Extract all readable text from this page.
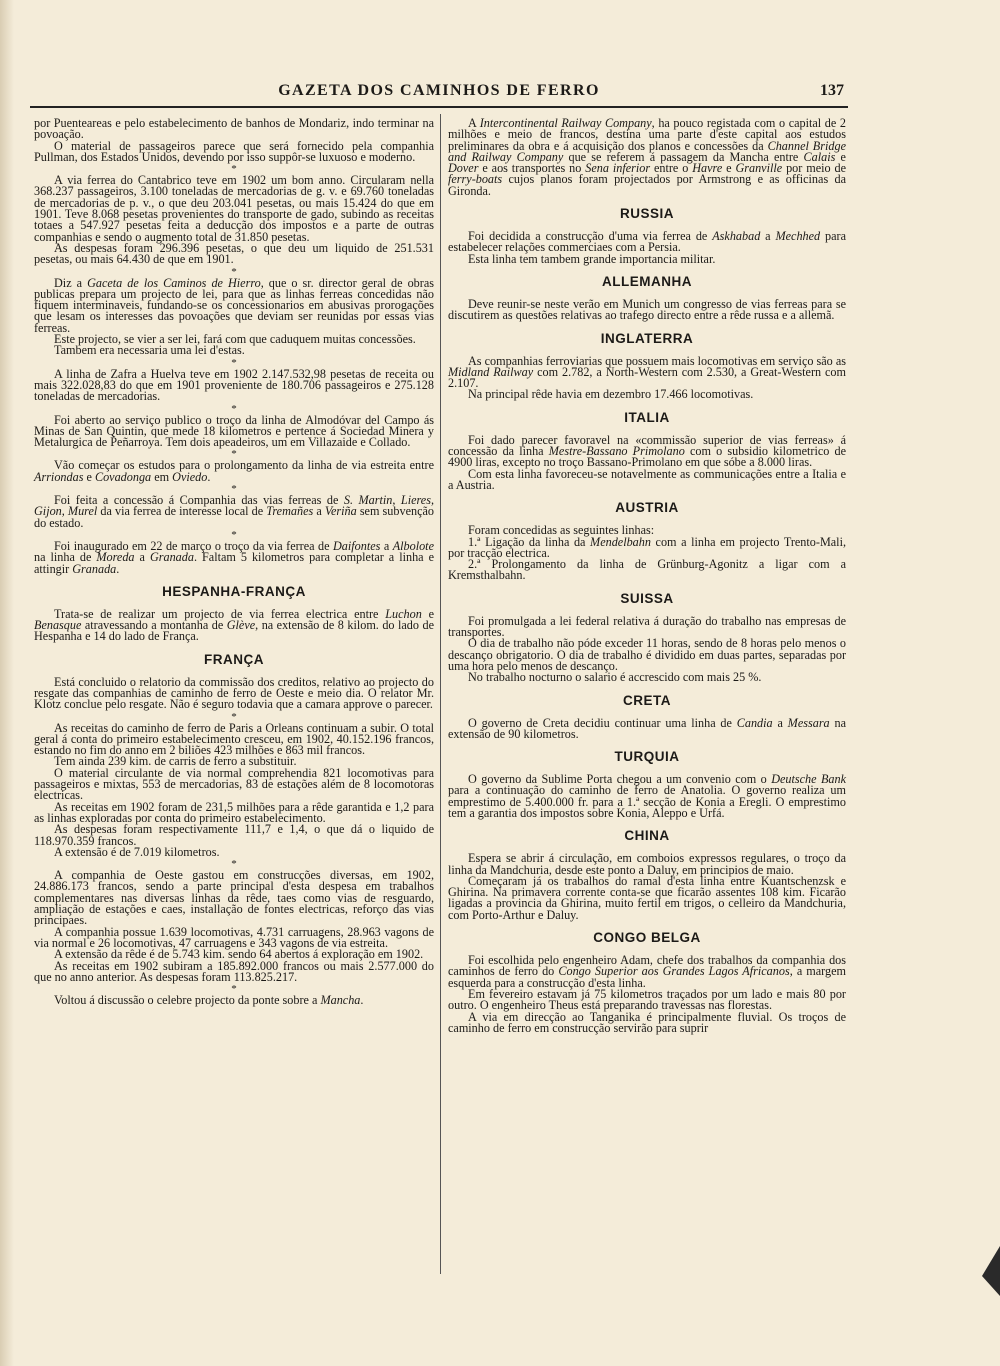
GAZETA DOS CAMINHOS DE FERRO	137

por Puenteareas e pelo estabelecimento de banhos de Mondariz, indo terminar na povoação.

O material de passageiros parece que será fornecido pela companhia Pullman, dos Estados Unidos, devendo por isso suppôr-se luxuoso e moderno.

*

A via ferrea do Cantabrico teve em 1902 um bom anno. Circularam nella 368.237 passageiros, 3.100 toneladas de mercadorias de g. v. e 69.760 toneladas de mercadorias de p. v., o que deu 203.041 pesetas, ou mais 15.424 do que em 1901. Teve 8.068 pesetas provenientes do transporte de gado, subindo as receitas totaes a 547.927 pesetas feita a deducção dos impostos e a parte de outras companhias e sendo o augmento total de 31.850 pesetas.

As despesas foram 296.396 pesetas, o que deu um liquido de 251.531 pesetas, ou mais 64.430 de que em 1901.

*

Diz a Gaceta de los Caminos de Hierro, que o sr. director geral de obras publicas prepara um projecto de lei, para que as linhas ferreas concedidas não fiquem interminaveis, fundando-se os concessionarios em abusivas prorogações que lesam os interesses das povoações que deviam ser reunidas por essas vias ferreas.

Este projecto, se vier a ser lei, fará com que caduquem muitas concessões.

Tambem era necessaria uma lei d'estas.

*

A linha de Zafra a Huelva teve em 1902 2.147.532,98 pesetas de receita ou mais 322.028,83 do que em 1901 proveniente de 180.706 passageiros e 275.128 toneladas de mercadorias.

*

Foi aberto ao serviço publico o troço da linha de Almodóvar del Campo ás Minas de San Quintin, que mede 18 kilometros e pertence á Sociedad Minera y Metalurgica de Peñarroya. Tem dois apeadeiros, um em Villazaide e Collado.

*

Vão começar os estudos para o prolongamento da linha de via estreita entre Arriondas e Covadonga em Oviedo.

*

Foi feita a concessão á Companhia das vias ferreas de S. Martin, Lieres, Gijon, Murel da via ferrea de interesse local de Tremañes a Veriña sem subvenção do estado.

*

Foi inaugurado em 22 de março o troço da via ferrea de Daifontes a Albolote na linha de Moreda a Granada. Faltam 5 kilometros para completar a linha e attingir Granada.

HESPANHA-FRANÇA

Trata-se de realizar um projecto de via ferrea electrica entre Luchon e Benasque atravessando a montanha de Glève, na extensão de 8 kilom. do lado de Hespanha e 14 do lado de França.

FRANÇA

Está concluido o relatorio da commissão dos creditos, relativo ao projecto do resgate das companhias de caminho de ferro de Oeste e meio dia. O relator Mr. Klotz conclue pelo resgate. Não é seguro todavia que a camara approve o parecer.

*

As receitas do caminho de ferro de Paris a Orleans continuam a subir. O total geral á conta do primeiro estabelecimento cresceu, em 1902, 40.152.196 francos, estando no fim do anno em 2 biliões 423 milhões e 863 mil francos.

Tem ainda 239 kim. de carris de ferro a substituir.

O material circulante de via normal comprehendia 821 locomotivas para passageiros e mixtas, 553 de mercadorias, 83 de estações além de 8 locomotoras electricas.

As receitas em 1902 foram de 231,5 milhões para a rêde garantida e 1,2 para as linhas exploradas por conta do primeiro estabelecimento.

As despesas foram respectivamente 111,7 e 1,4, o que dá o liquido de 118.970.359 francos.

A extensão é de 7.019 kilometros.

*

A companhia de Oeste gastou em construcções diversas, em 1902, 24.886.173 francos, sendo a parte principal d'esta despesa em trabalhos complementares nas diversas linhas da rêde, taes como vias de resguardo, ampliação de estações e caes, installação de fontes electricas, reforço das vias principaes.

A companhia possue 1.639 locomotivas, 4.731 carruagens, 28.963 vagons de via normal e 26 locomotivas, 47 carruagens e 343 vagons de via estreita.

A extensão da rêde é de 5.743 kim. sendo 64 abertos á exploração em 1902.

As receitas em 1902 subiram a 185.892.000 francos ou mais 2.577.000 do que no anno anterior. As despesas foram 113.825.217.

*

Voltou á discussão o celebre projecto da ponte sobre a Mancha.

A Intercontinental Railway Company, ha pouco registada com o capital de 2 milhões e meio de francos, destina uma parte d'este capital aos estudos preliminares da obra e á acquisição dos planos e concessões da Channel Bridge and Railway Company que se referem á passagem da Mancha entre Calais e Dover e aos transportes no Sena inferior entre o Havre e Granville por meio de ferry-boats cujos planos foram projectados por Armstrong e as officinas da Gironda.

RUSSIA

Foi decidida a construcção d'uma via ferrea de Askhabad a Mechhed para estabelecer relações commerciaes com a Persia.

Esta linha tem tambem grande importancia militar.

ALLEMANHA

Deve reunir-se neste verão em Munich um congresso de vias ferreas para se discutirem as questões relativas ao trafego directo entre a rêde russa e a allemã.

INGLATERRA

As companhias ferroviarias que possuem mais locomotivas em serviço são as Midland Railway com 2.782, a North-Western com 2.530, a Great-Western com 2.107.

Na principal rêde havia em dezembro 17.466 locomotivas.

ITALIA

Foi dado parecer favoravel na «commissão superior de vias ferreas» á concessão da linha Mestre-Bassano Primolano com o subsidio kilometrico de 4900 liras, excepto no troço Bassano-Primolano em que sóbe a 8.000 liras.

Com esta linha favoreceu-se notavelmente as communicações entre a Italia e a Austria.

AUSTRIA

Foram concedidas as seguintes linhas:

1.ª Ligação da linha da Mendelbahn com a linha em projecto Trento-Mali, por tracção electrica.

2.ª Prolongamento da linha de Grünburg-Agonitz a ligar com a Kremsthalbahn.

SUISSA

Foi promulgada a lei federal relativa á duração do trabalho nas empresas de transportes.

O dia de trabalho não póde exceder 11 horas, sendo de 8 horas pelo menos o descanço obrigatorio. O dia de trabalho é dividido em duas partes, separadas por uma hora pelo menos de descanço.

No trabalho nocturno o salario é accrescido com mais 25 %.

CRETA

O governo de Creta decidiu continuar uma linha de Candia a Messara na extensão de 90 kilometros.

TURQUIA

O governo da Sublime Porta chegou a um convenio com o Deutsche Bank para a continuação do caminho de ferro de Anatolia. O governo realiza um emprestimo de 5.400.000 fr. para a 1.ª secção de Konia a Eregli. O emprestimo tem a garantia dos impostos sobre Konia, Aleppo e Urfá.

CHINA

Espera se abrir á circulação, em comboios expressos regulares, o troço da linha da Mandchuria, desde este ponto a Daluy, em principios de maio.

Começaram já os trabalhos do ramal d'esta linha entre Kuantschenzsk e Ghirina. Na primavera corrente conta-se que ficarão assentes 108 kim. Ficarão ligadas a provincia da Ghirina, muito fertil em trigos, o celleiro da Mandchuria, com Porto-Arthur e Daluy.

CONGO BELGA

Foi escolhida pelo engenheiro Adam, chefe dos trabalhos da companhia dos caminhos de ferro do Congo Superior aos Grandes Lagos Africanos, a margem esquerda para a construcção d'esta linha.

Em fevereiro estavam já 75 kilometros traçados por um lado e mais 80 por outro. O engenheiro Theus está preparando travessas nas florestas.

A via em direcção ao Tanganika é principalmente fluvial. Os troços de caminho de ferro em construcção servirão para suprir
